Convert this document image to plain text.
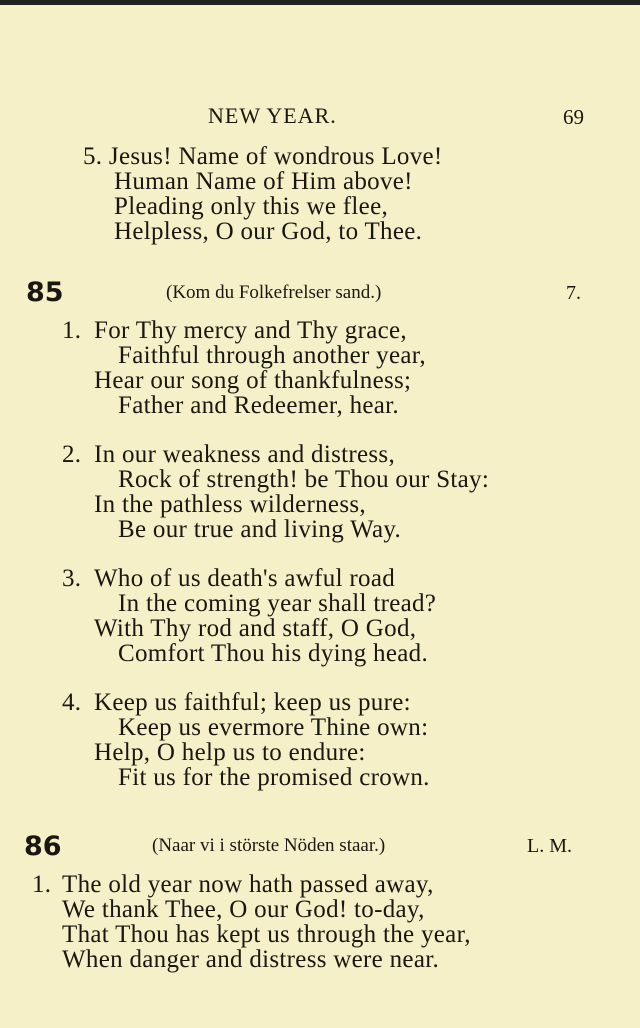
NEW YEAR.	69
5. Jesus! Name of wondrous Love!
Human Name of Him above!
Pleading only this we flee,
Helpless, O our God, to Thee.
85	(Kom du Folkefrelser sand.)	7.
1. For Thy mercy and Thy grace,
Faithful through another year,
Hear our song of thankfulness;
Father and Redeemer, hear.
2. In our weakness and distress,
Rock of strength! be Thou our Stay:
In the pathless wilderness,
Be our true and living Way.
3. Who of us death's awful road
In the coming year shall tread?
With Thy rod and staff, O God,
Comfort Thou his dying head.
4. Keep us faithful; keep us pure:
Keep us evermore Thine own:
Help, O help us to endure:
Fit us for the promised crown.
86	(Naar vi i störste Nöden staar.)	L. M.
1. The old year now hath passed away,
We thank Thee, O our God! to-day,
That Thou has kept us through the year,
When danger and distress were near.
